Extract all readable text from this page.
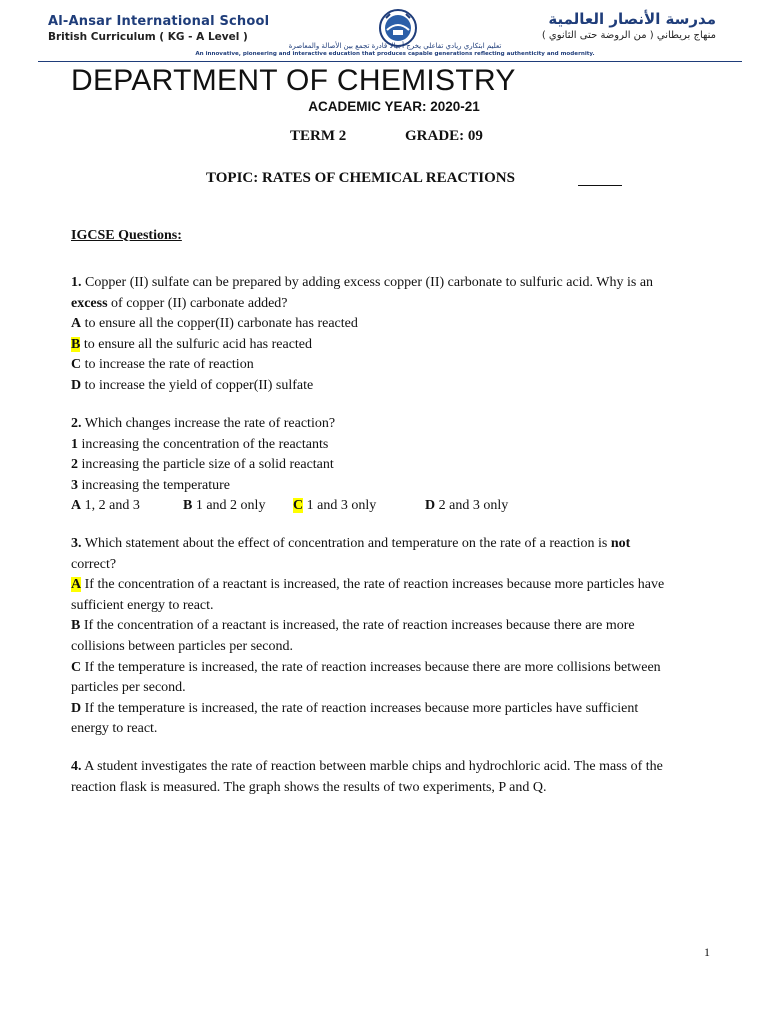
Al-Ansar International School
British Curriculum ( KG - A Level )
مدرسة الأنصار العالمية
منهاج بريطاني ( من الروضة حتى الثانوي )
تعليم ابتكاري ريادي تفاعلي يخرج أجيالا قادرة تجمع بين الأصالة والمعاصرة
An innovative, pioneering and interactive education that produces capable generations reflecting authenticity and modernity.
DEPARTMENT OF CHEMISTRY
ACADEMIC YEAR: 2020-21
TERM 2	GRADE: 09
TOPIC: RATES OF CHEMICAL REACTIONS
IGCSE Questions:

1. Copper (II) sulfate can be prepared by adding excess copper (II) carbonate to sulfuric acid. Why is an

excess of copper (II) carbonate added?

A to ensure all the copper(II) carbonate has reacted

B to ensure all the sulfuric acid has reacted

C to increase the rate of reaction

D to increase the yield of copper(II) sulfate

2. Which changes increase the rate of reaction?

1 increasing the concentration of the reactants

2 increasing the particle size of a solid reactant

3 increasing the temperature

A 1, 2 and 3	B 1 and 2 only C 1 and 3 only	D 2 and 3 only

3. Which statement about the effect of concentration and temperature on the rate of a reaction is not

correct?

A If the concentration of a reactant is increased, the rate of reaction increases because more particles have

sufficient energy to react.

B If the concentration of a reactant is increased, the rate of reaction increases because there are more

collisions between particles per second.

C If the temperature is increased, the rate of reaction increases because there are more collisions between

particles per second.

D If the temperature is increased, the rate of reaction increases because more particles have sufficient

energy to react.

4. A student investigates the rate of reaction between marble chips and hydrochloric acid. The mass of the

reaction flask is measured. The graph shows the results of two experiments, P and Q.

1
